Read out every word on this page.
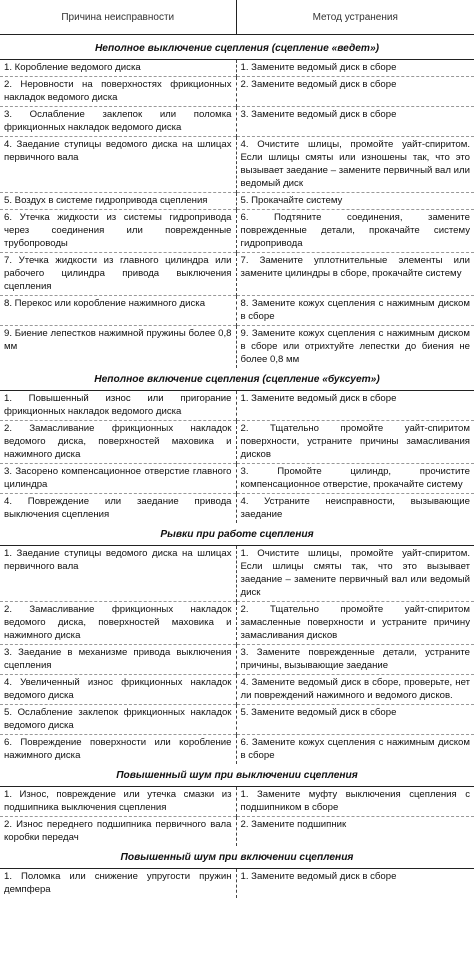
Причина неисправности	Метод устранения
Неполное выключение сцепления (сцепление «ведет»)	
1. Коробление ведомого диска	1. Замените ведомый диск в сборе
2. Неровности на поверхностях фрикционных накладок ведомого диска	2. Замените ведомый диск в сборе
3. Ослабление заклепок или поломка фрикционных накладок ведомого диска	3. Замените ведомый диск в сборе
4. Заедание ступицы ведомого диска на шлицах первичного вала	4. Очистите шлицы, промойте уайт-спиритом. Если шлицы смяты или изношены так, что это вызывает заедание – замените первичный вал или ведомый диск
5. Воздух в системе гидропривода сцепления	5. Прокачайте систему
6. Утечка жидкости из системы гидропривода через соединения или поврежденные трубопроводы	6. Подтяните соединения, замените поврежденные детали, прокачайте систему гидропривода
7. Утечка жидкости из главного цилиндра или рабочего цилиндра привода выключения сцепления	7. Замените уплотнительные элементы или замените цилиндры в сборе, прокачайте систему
8. Перекос или коробление нажимного диска	8. Замените кожух сцепления с нажимным диском в сборе
9. Биение лепестков нажимной пружины более 0,8 мм	9. Замените кожух сцепления с нажимным диском в сборе или отрихтуйте лепестки до биения не более 0,8 мм
Неполное включение сцепления (сцепление «буксует»)	
1. Повышенный износ или пригорание фрикционных накладок ведомого диска	1. Замените ведомый диск в сборе
2. Замасливание фрикционных накладок ведомого диска, поверхностей маховика и нажимного диска	2. Тщательно промойте уайт-спиритом поверхности, устраните причины замасливания дисков
3. Засорено компенсационное отверстие главного цилиндра	3. Промойте цилиндр, прочистите компенсационное отверстие, прокачайте систему
4. Повреждение или заедание привода выключения сцепления	4. Устраните неисправности, вызывающие заедание
Рывки при работе сцепления	
1. Заедание ступицы ведомого диска на шлицах первичного вала	1. Очистите шлицы, промойте уайт-спиритом. Если шлицы смяты так, что это вызывает заедание – замените первичный вал или ведомый диск
2. Замасливание фрикционных накладок ведомого диска, поверхностей маховика и нажимного диска	2. Тщательно промойте уайт-спиритом замасленные поверхности и устраните причину замасливания дисков
3. Заедание в механизме привода выключения сцепления	3. Замените поврежденные детали, устраните причины, вызывающие заедание
4. Увеличенный износ фрикционных накладок ведомого диска	4. Замените ведомый диск в сборе, проверьте, нет ли повреждений нажимного и ведомого дисков.
5. Ослабление заклепок фрикционных накладок ведомого диска	5. Замените ведомый диск в сборе
6. Повреждение поверхности или коробление нажимного диска	6. Замените кожух сцепления с нажимным диском в сборе
Повышенный шум при выключении сцепления	
1. Износ, повреждение или утечка смазки из подшипника выключения сцепления	1. Замените муфту выключения сцепления с подшипником в сборе
2. Износ переднего подшипника первичного вала коробки передач	2. Замените подшипник
Повышенный шум при включении сцепления	
1. Поломка или снижение упругости пружин демпфера	1. Замените ведомый диск в сборе
